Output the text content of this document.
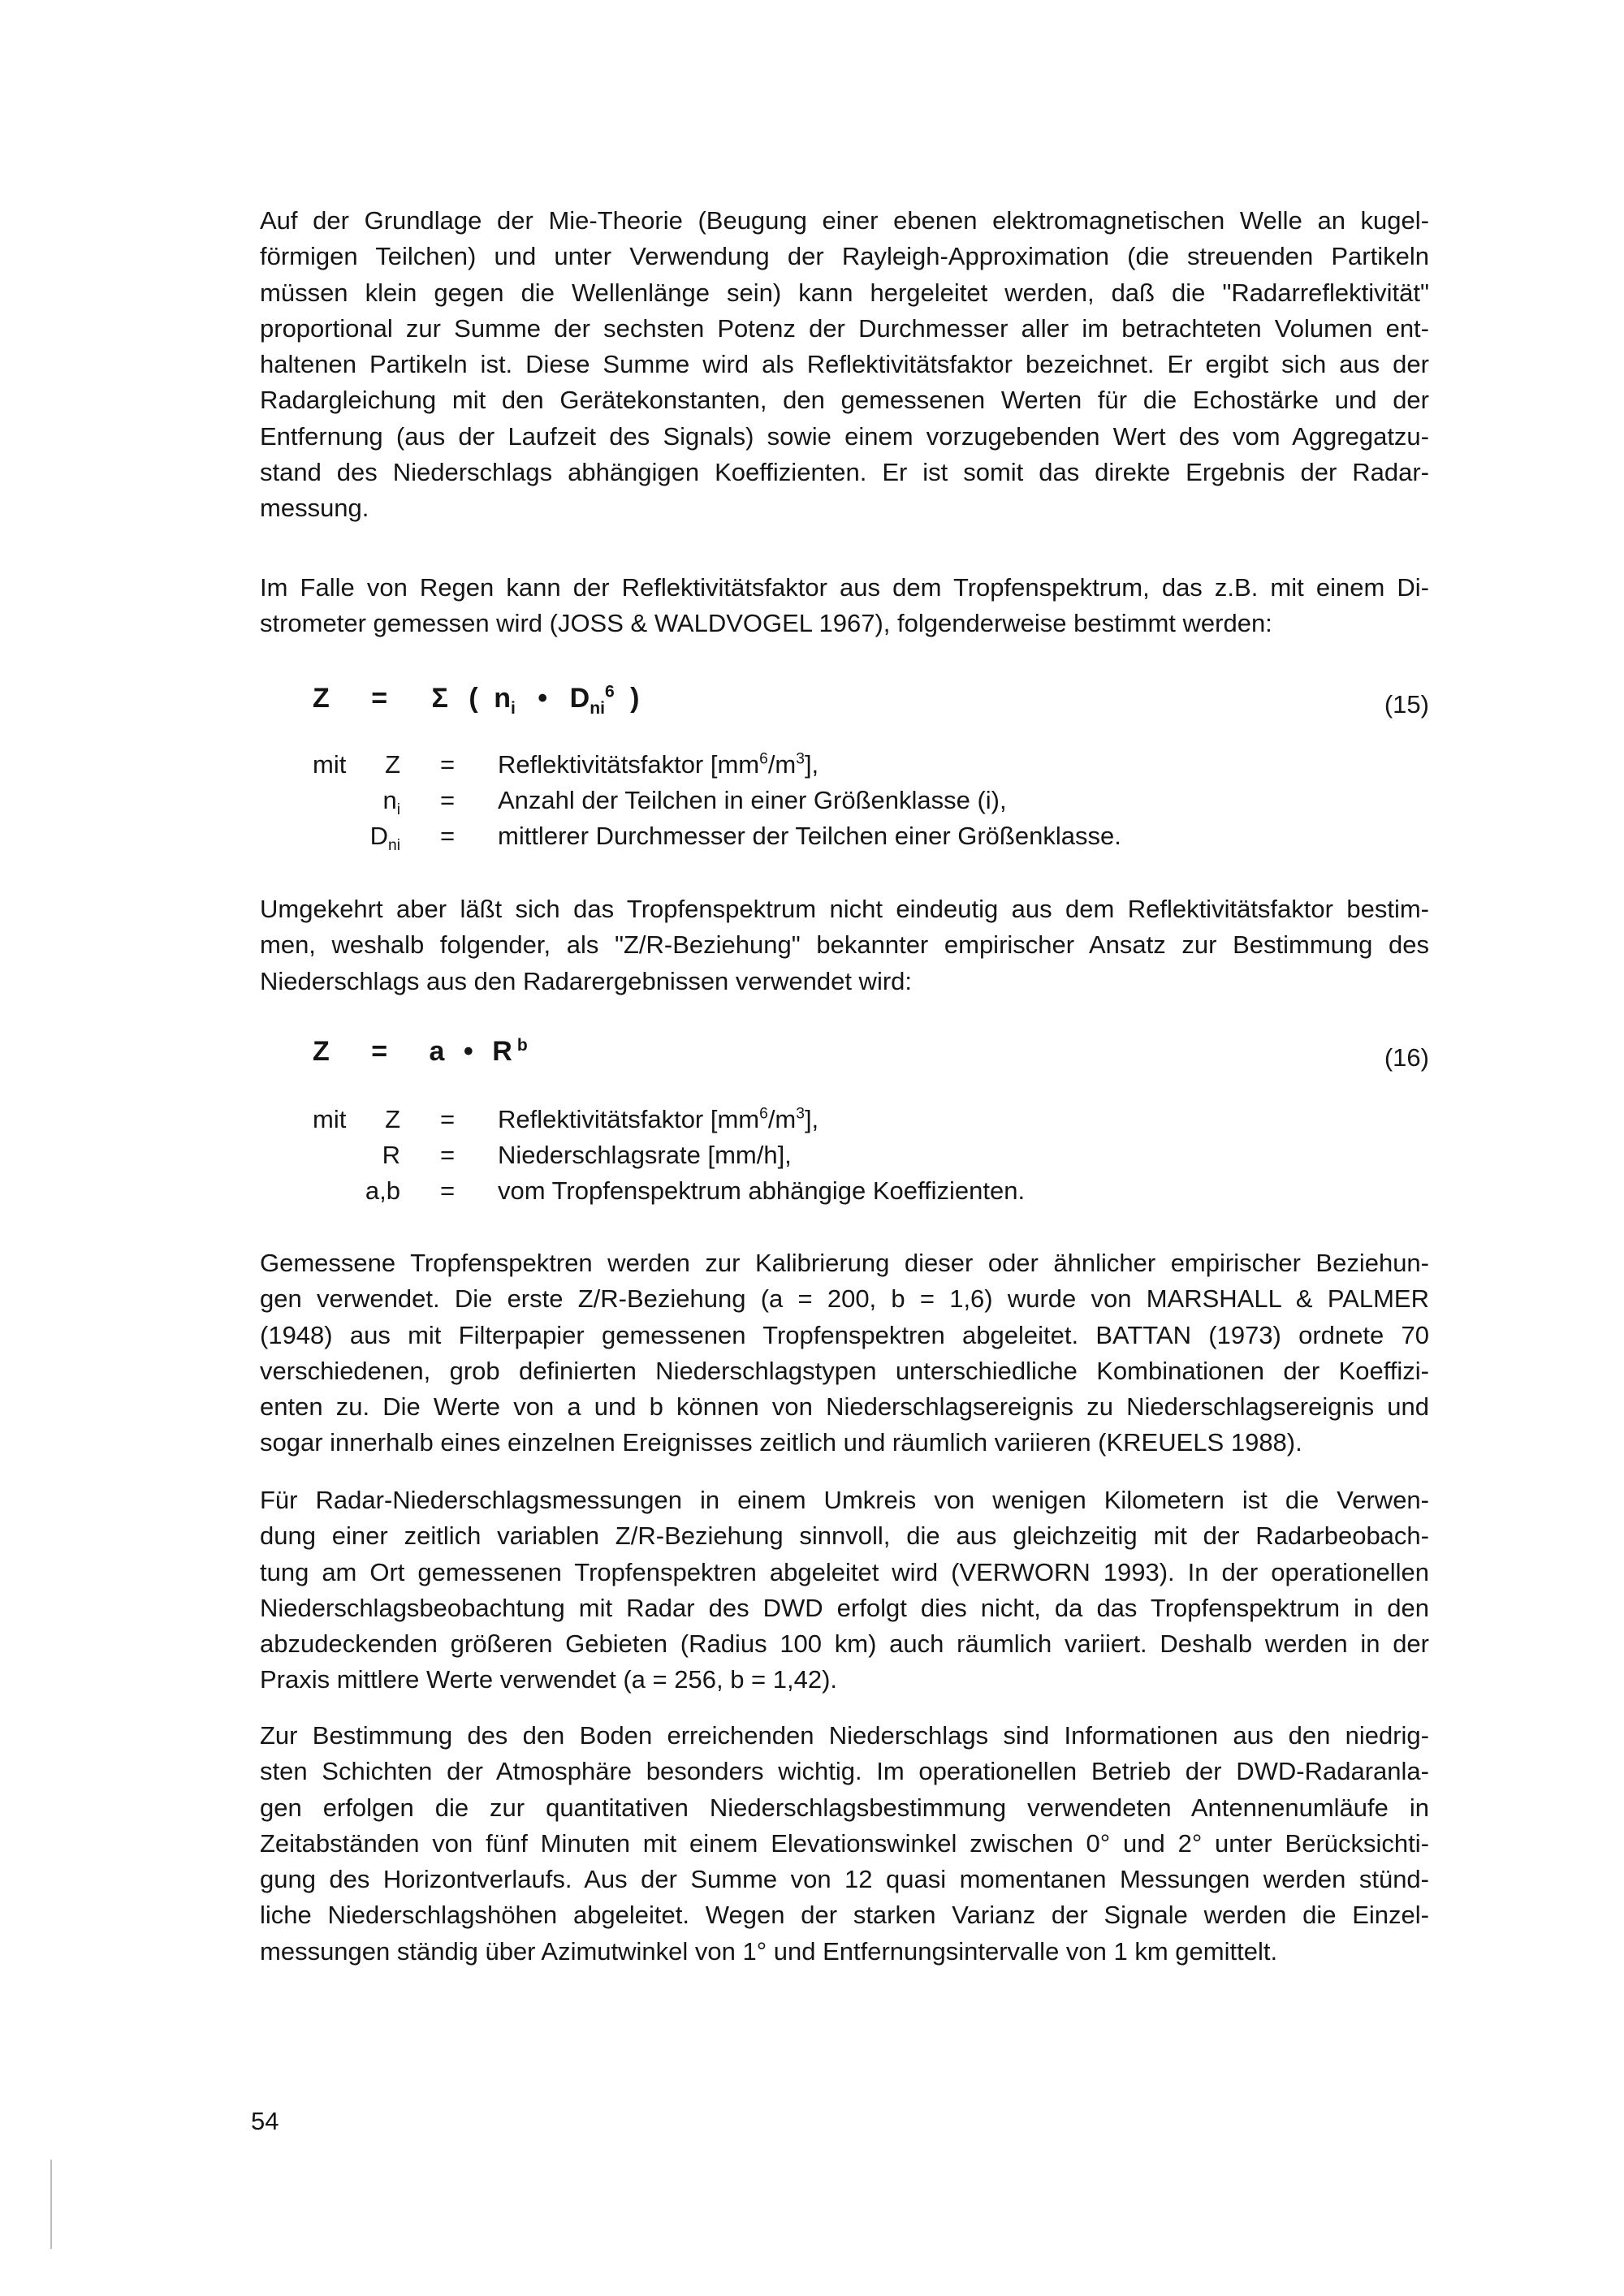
Auf der Grundlage der Mie-Theorie (Beugung einer ebenen elektromagnetischen Welle an kugel-
förmigen Teilchen) und unter Verwendung der Rayleigh-Approximation (die streuenden Partikeln
müssen klein gegen die Wellenlänge sein) kann hergeleitet werden, daß die "Radarreflektivität"
proportional zur Summe der sechsten Potenz der Durchmesser aller im betrachteten Volumen ent-
haltenen Partikeln ist. Diese Summe wird als Reflektivitätsfaktor bezeichnet. Er ergibt sich aus der
Radargleichung mit den Gerätekonstanten, den gemessenen Werten für die Echostärke und der
Entfernung (aus der Laufzeit des Signals) sowie einem vorzugebenden Wert des vom Aggregatzu-
stand des Niederschlags abhängigen Koeffizienten. Er ist somit das direkte Ergebnis der Radar-
messung.
Im Falle von Regen kann der Reflektivitätsfaktor aus dem Tropfenspektrum, das z.B. mit einem Di-
strometer gemessen wird (JOSS & WALDVOGEL 1967), folgenderweise bestimmt werden:
Z = Σ ( $n_i$ • $D_{ni}^6$ )	(15)
mit	Z = Reflektivitätsfaktor $[mm^6/m^3]$,
$n_i$ = Anzahl der Teilchen in einer Größenklasse (i),
$D_{ni}$ = mittlerer Durchmesser der Teilchen einer Größenklasse.
Umgekehrt aber läßt sich das Tropfenspektrum nicht eindeutig aus dem Reflektivitätsfaktor bestim-
men, weshalb folgender, als "Z/R-Beziehung" bekannter empirischer Ansatz zur Bestimmung des
Niederschlags aus den Radarergebnissen verwendet wird:
Z = a • R $^b$	(16)
mit	Z = Reflektivitätsfaktor $[mm^6/m^3]$,
R = Niederschlagsrate [mm/h],
a,b = vom Tropfenspektrum abhängige Koeffizienten.
Gemessene Tropfenspektren werden zur Kalibrierung dieser oder ähnlicher empirischer Beziehun-
gen verwendet. Die erste Z/R-Beziehung (a = 200, b = 1,6) wurde von MARSHALL & PALMER
(1948) aus mit Filterpapier gemessenen Tropfenspektren abgeleitet. BATTAN (1973) ordnete 70
verschiedenen, grob definierten Niederschlagstypen unterschiedliche Kombinationen der Koeffizi-
enten zu. Die Werte von a und b können von Niederschlagsereignis zu Niederschlagsereignis und
sogar innerhalb eines einzelnen Ereignisses zeitlich und räumlich variieren (KREUELS 1988).
Für Radar-Niederschlagsmessungen in einem Umkreis von wenigen Kilometern ist die Verwen-
dung einer zeitlich variablen Z/R-Beziehung sinnvoll, die aus gleichzeitig mit der Radarbeobach-
tung am Ort gemessenen Tropfenspektren abgeleitet wird (VERWORN 1993). In der operationellen
Niederschlagsbeobachtung mit Radar des DWD erfolgt dies nicht, da das Tropfenspektrum in den
abzudeckenden größeren Gebieten (Radius 100 km) auch räumlich variiert. Deshalb werden in der
Praxis mittlere Werte verwendet (a = 256, b = 1,42).
Zur Bestimmung des den Boden erreichenden Niederschlags sind Informationen aus den niedrig-
sten Schichten der Atmosphäre besonders wichtig. Im operationellen Betrieb der DWD-Radaranla-
gen erfolgen die zur quantitativen Niederschlagsbestimmung verwendeten Antennenumläufe in
Zeitabständen von fünf Minuten mit einem Elevationswinkel zwischen 0° und 2° unter Berücksichti-
gung des Horizontverlaufs. Aus der Summe von 12 quasi momentanen Messungen werden stünd-
liche Niederschlagshöhen abgeleitet. Wegen der starken Varianz der Signale werden die Einzel-
messungen ständig über Azimutwinkel von 1° und Entfernungsintervalle von 1 km gemittelt.
54
